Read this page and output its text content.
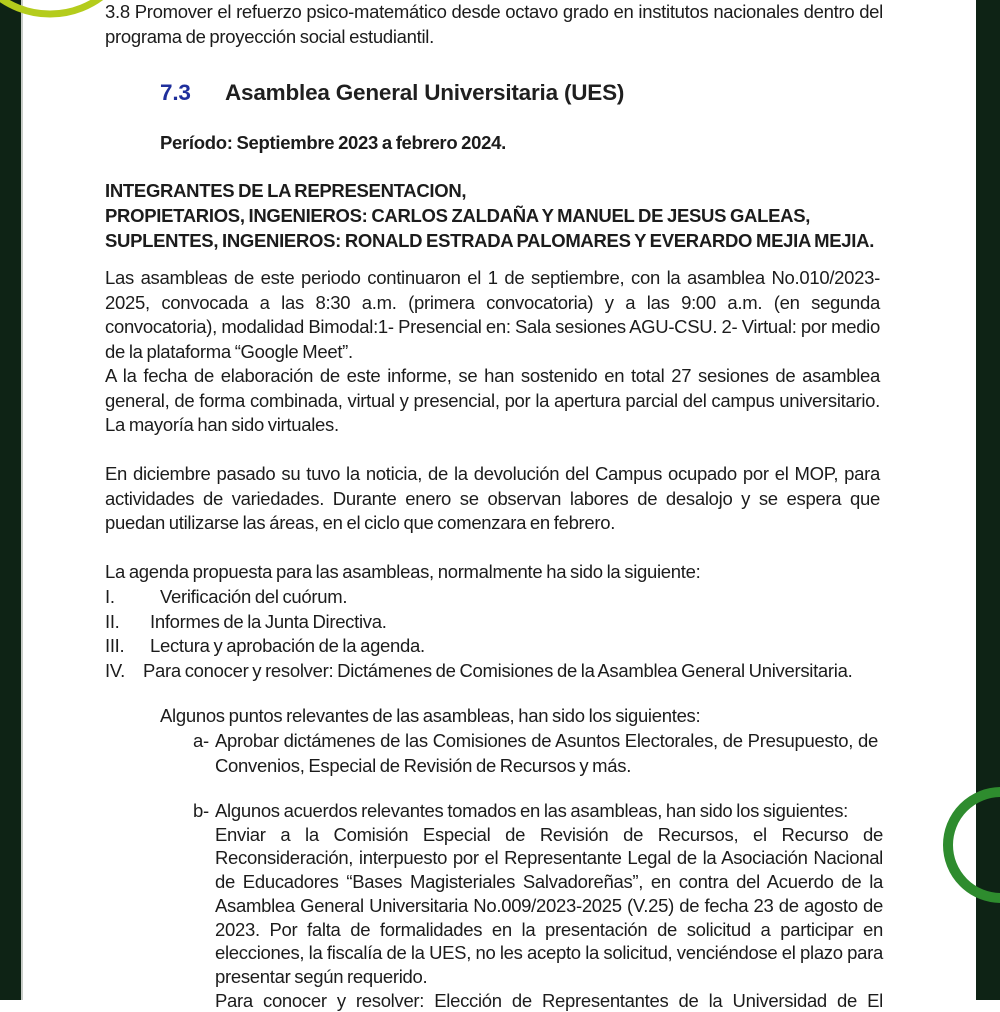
3.8 Promover el refuerzo psico-matemático desde octavo grado en institutos nacionales dentro del programa de proyección social estudiantil.

7.3	Asamblea General Universitaria (UES)

Período: Septiembre 2023 a febrero 2024.

INTEGRANTES DE LA REPRESENTACION,
PROPIETARIOS, INGENIEROS: CARLOS ZALDAÑA Y MANUEL DE JESUS GALEAS,
SUPLENTES, INGENIEROS: RONALD ESTRADA PALOMARES Y EVERARDO MEJIA MEJIA.

Las asambleas de este periodo continuaron el 1 de septiembre, con la asamblea No.010/2023-2025, convocada a las 8:30 a.m. (primera convocatoria) y a las 9:00 a.m. (en segunda convocatoria), modalidad Bimodal:1- Presencial en: Sala sesiones AGU-CSU. 2- Virtual: por medio de la plataforma “Google Meet”.

A la fecha de elaboración de este informe, se han sostenido en total 27 sesiones de asamblea general, de forma combinada, virtual y presencial, por la apertura parcial del campus universitario. La mayoría han sido virtuales.

En diciembre pasado su tuvo la noticia, de la devolución del Campus ocupado por el MOP, para actividades de variedades. Durante enero se observan labores de desalojo y se espera que puedan utilizarse las áreas, en el ciclo que comenzara en febrero.

La agenda propuesta para las asambleas, normalmente ha sido la siguiente:

I.	Verificación del cuórum.
II.	Informes de la Junta Directiva.
III.	Lectura y aprobación de la agenda.
IV. Para conocer y resolver: Dictámenes de Comisiones de la Asamblea General Universitaria.

Algunos puntos relevantes de las asambleas, han sido los siguientes:

a- Aprobar dictámenes de las Comisiones de Asuntos Electorales, de Presupuesto, de Convenios, Especial de Revisión de Recursos y más.
b- Algunos acuerdos relevantes tomados en las asambleas, han sido los siguientes:

Enviar a la Comisión Especial de Revisión de Recursos, el Recurso de Reconsideración, interpuesto por el Representante Legal de la Asociación Nacional de Educadores “Bases Magisteriales Salvadoreñas”, en contra del Acuerdo de la Asamblea General Universitaria No.009/2023-2025 (V.25) de fecha 23 de agosto de 2023. Por falta de formalidades en la presentación de solicitud a participar en elecciones, la fiscalía de la UES, no les acepto la solicitud, venciéndose el plazo para presentar según requerido.

Para conocer y resolver: Elección de Representantes de la Universidad de El
